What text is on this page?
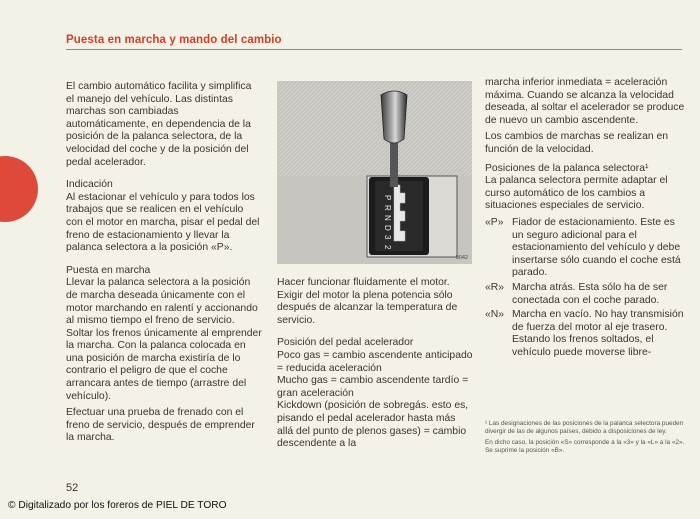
Puesta en marcha y mando del cambio

El cambio automático facilita y simplifica el manejo del vehículo. Las distintas marchas son cambiadas automáticamente, en dependencia de la posición de la palanca selectora, de la velocidad del coche y de la posición del pedal acelerador.

Indicación

Al estacionar el vehículo y para todos los trabajos que se realicen en el vehículo con el motor en marcha, pisar el pedal del freno de estacionamiento y llevar la palanca selectora a la posición «P».

Puesta en marcha

Llevar la palanca selectora a la posición de marcha deseada únicamente con el motor marchando en ralentí y accionando al mismo tiempo el freno de servicio. Soltar los frenos únicamente al emprender la marcha. Con la palanca colocada en una posición de marcha existiría de lo contrario el peligro de que el coche arrancara antes de tiempo (arrastre del vehículo).

Efectuar una prueba de frenado con el freno de servicio, después de emprender la marcha.

P
R
N
D
3
2
9042

Hacer funcionar fluidamente el motor. Exigir del motor la plena potencia sólo después de alcanzar la temperatura de servicio.

Posición del pedal acelerador

Poco gas = cambio ascendente anticipado = reducida aceleración

Mucho gas = cambio ascendente tardío = gran aceleración

Kickdown (posición de sobregás. esto es, pisando el pedal acelerador hasta más allá del punto de plenos gases) = cambio descendente a la

marcha inferior inmediata = aceleración máxima. Cuando se alcanza la velocidad deseada, al soltar el acelerador se produce de nuevo un cambio ascendente.

Los cambios de marchas se realizan en función de la velocidad.

Posiciones de la palanca selectora¹

La palanca selectora permite adaptar el curso automático de los cambios a situaciones especiales de servicio.

«P» Fiador de estacionamiento. Este es un seguro adicional para el estacionamiento del vehículo y debe insertarse sólo cuando el coche está parado.
«R» Marcha atrás. Esta sólo ha de ser conectada con el coche parado.
«N» Marcha en vacío. No hay transmisión de fuerza del motor al eje trasero. Estando los frenos soltados, el vehículo puede moverse libre-

¹ Las designaciones de las posiciones de la palanca selectora pueden divergir de las de algunos países, debido a disposiciones de ley.

En dicho caso, la posición «S» corresponde a la «3» y la «L» a la «2». Se suprime la posición «B».

52
© Digitalizado por los foreros de PIEL DE TORO
